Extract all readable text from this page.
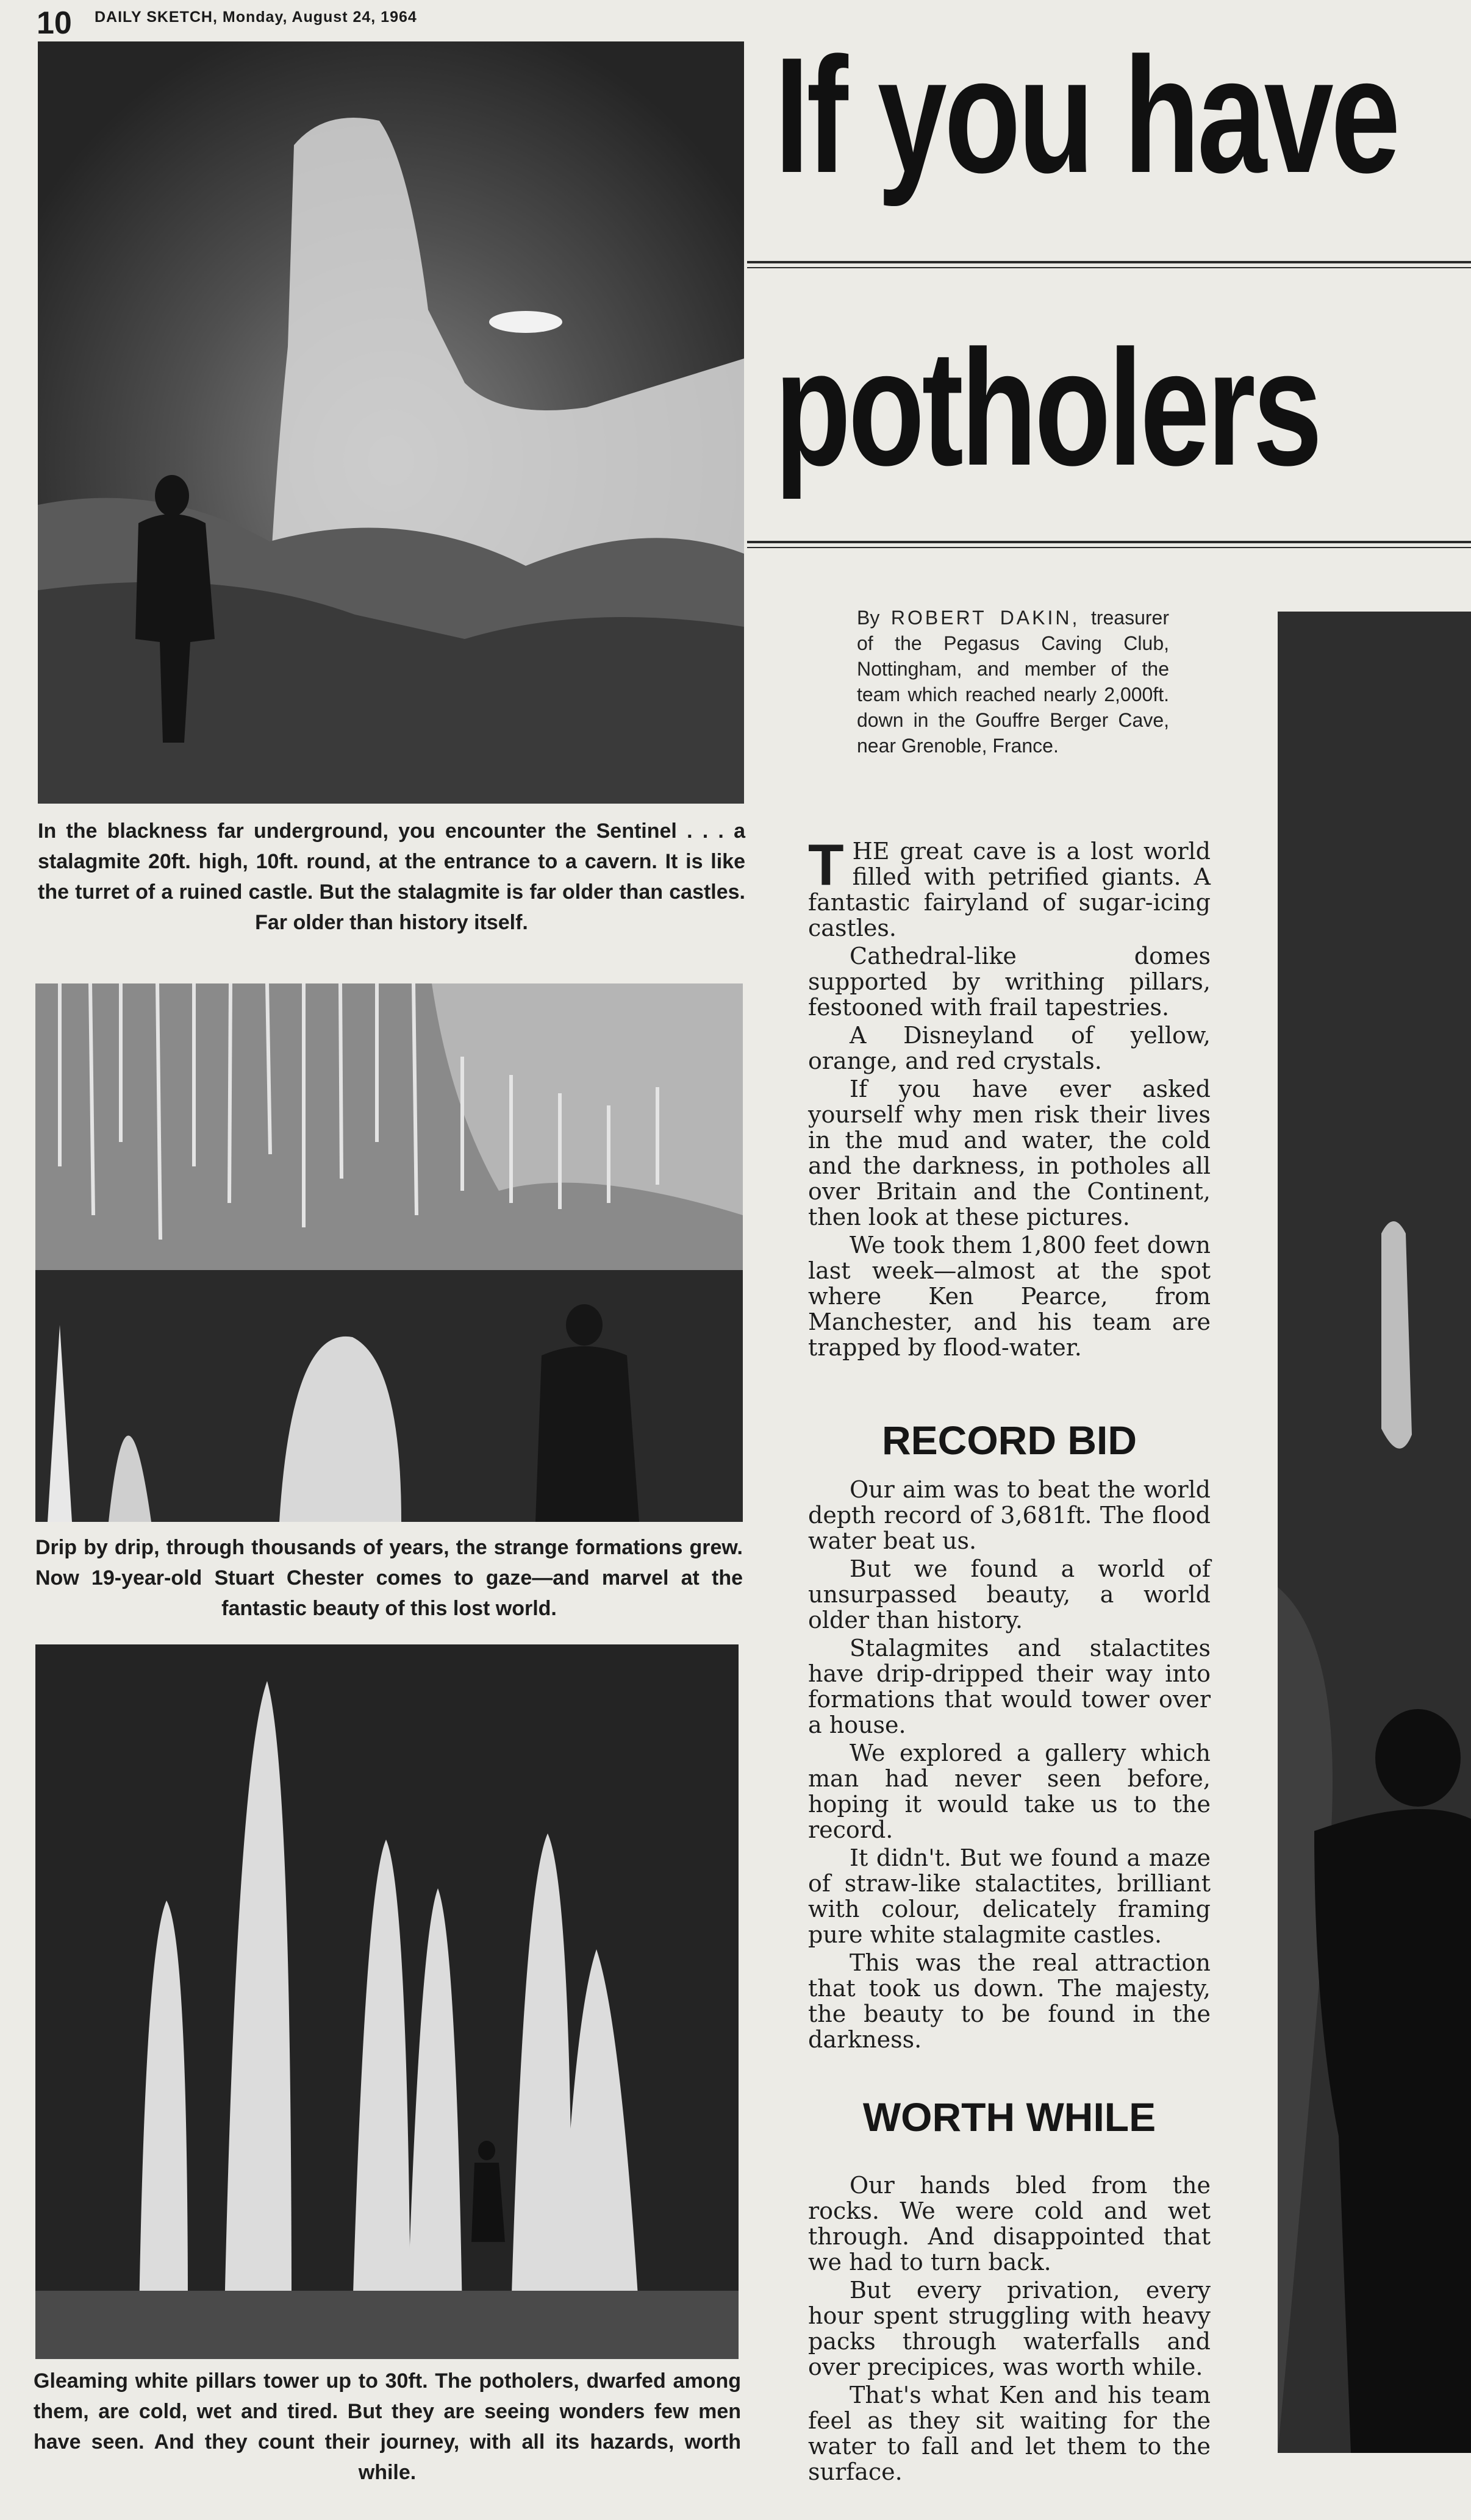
10 DAILY SKETCH, Monday, August 24, 1964
In the blackness far underground, you encounter the Sentinel . . . a stalagmite 20ft. high, 10ft. round, at the entrance to a cavern. It is like the turret of a ruined castle. But the stalagmite is far older than castles. Far older than history itself.
Drip by drip, through thousands of years, the strange formations grew. Now 19-year-old Stuart Chester comes to gaze—and marvel at the fantastic beauty of this lost world.
Gleaming white pillars tower up to 30ft. The potholers, dwarfed among them, are cold, wet and tired. But they are seeing wonders few men have seen. And they count their journey, with all its hazards, worth while.
If you have
potholers
By ROBERT DAKIN, treasurer of the Pegasus Caving Club, Nottingham, and member of the team which reached nearly 2,000ft. down in the Gouffre Berger Cave, near Grenoble, France.

THE great cave is a lost world filled with petrified giants. A fantastic fairyland of sugar-icing castles.

Cathedral-like domes supported by writhing pillars, festooned with frail tapestries.

A Disneyland of yellow, orange, and red crystals.

If you have ever asked yourself why men risk their lives in the mud and water, the cold and the darkness, in potholes all over Britain and the Continent, then look at these pictures.

We took them 1,800 feet down last week—almost at the spot where Ken Pearce, from Manchester, and his team are trapped by flood-water.

RECORD BID

Our aim was to beat the world depth record of 3,681ft. The flood water beat us.

But we found a world of unsurpassed beauty, a world older than history.

Stalagmites and stalactites have drip-dripped their way into formations that would tower over a house.

We explored a gallery which man had never seen before, hoping it would take us to the record.

It didn't. But we found a maze of straw-like stalactites, brilliant with colour, delicately framing pure white stalagmite castles.

This was the real attraction that took us down. The majesty, the beauty to be found in the darkness.

WORTH WHILE

Our hands bled from the rocks. We were cold and wet through. And disappointed that we had to turn back.

But every privation, every hour spent struggling with heavy packs through waterfalls and over precipices, was worth while.

That's what Ken and his team feel as they sit waiting for the water to fall and let them to the surface.
